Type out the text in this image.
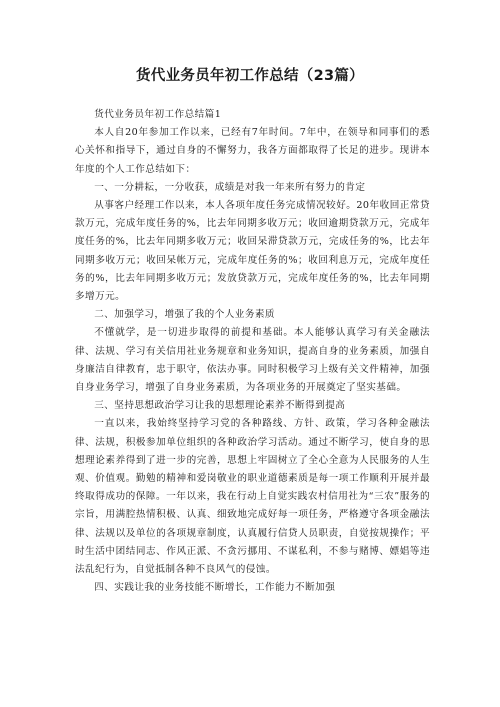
货代业务员年初工作总结（23篇）

货代业务员年初工作总结篇1

本人自20年参加工作以来，已经有7年时间。7年中，在领导和同事们的悉心关怀和指导下，通过自身的不懈努力，我各方面都取得了长足的进步。现讲本年度的个人工作总结如下：

一、一分耕耘，一分收获，成绩是对我一年来所有努力的肯定

从事客户经理工作以来，本人各项年度任务完成情况较好。20年收回正常贷款万元，完成年度任务的%，比去年同期多收万元；收回逾期贷款万元，完成年度任务的%，比去年同期多收万元；收回呆滞贷款万元，完成任务的%，比去年同期多收万元；收回呆帐万元，完成年度任务的%；收回利息万元，完成年度任务的%，比去年同期多收万元；发放贷款万元，完成年度任务的%，比去年同期多增万元。

二、加强学习，增强了我的个人业务素质

不懂就学，是一切进步取得的前提和基础。本人能够认真学习有关金融法律、法规、学习有关信用社业务规章和业务知识，提高自身的业务素质，加强自身廉洁自律教育，忠于职守，依法办事。同时积极学习上级有关文件精神，加强自身业务学习，增强了自身业务素质，为各项业务的开展奠定了坚实基础。

三、坚持思想政治学习让我的思想理论素养不断得到提高

一直以来，我始终坚持学习党的各种路线、方针、政策，学习各种金融法律、法规，积极参加单位组织的各种政治学习活动。通过不断学习，使自身的思想理论素养得到了进一步的完善，思想上牢固树立了全心全意为人民服务的人生观、价值观。勤勉的精神和爱岗敬业的职业道德素质是每一项工作顺利开展并最终取得成功的保障。一年以来，我在行动上自觉实践农村信用社为“三农”服务的宗旨，用满腔热情积极、认真、细致地完成好每一项任务，严格遵守各项金融法律、法规以及单位的各项规章制度，认真履行信贷人员职责，自觉按规操作；平时生活中团结同志、作风正派、不贪污挪用、不谋私利，不参与赌博、嫖娼等违法乱纪行为，自觉抵制各种不良风气的侵蚀。

四、实践让我的业务技能不断增长，工作能力不断加强
